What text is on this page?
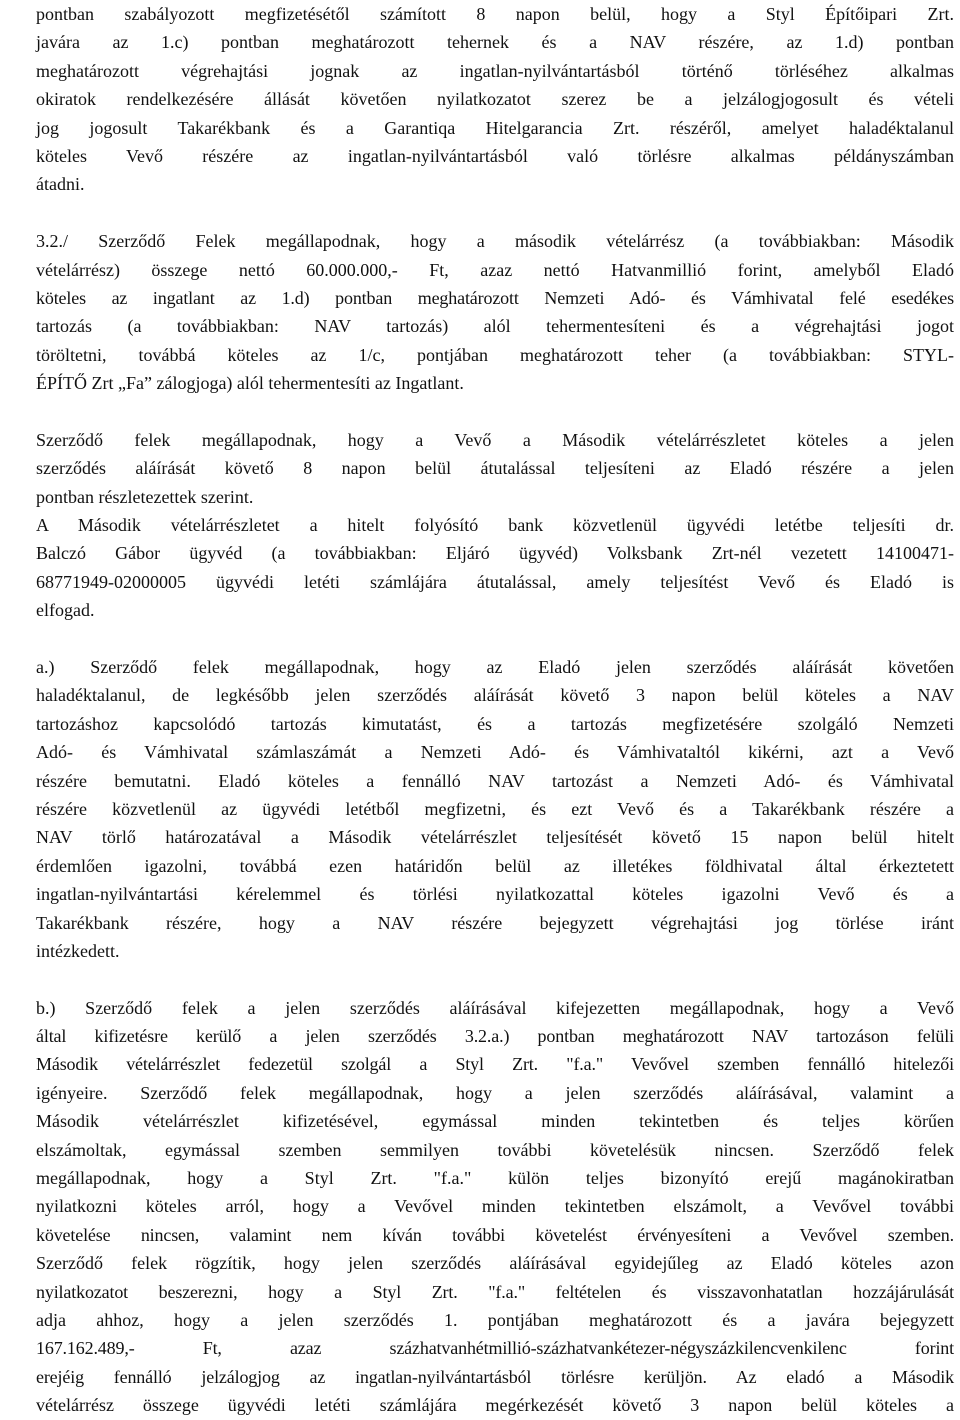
pontban szabályozott megfizetésétől számított 8 napon belül, hogy a Styl Építőipari Zrt.
javára az 1.c) pontban meghatározott tehernek és a NAV részére, az 1.d) pontban
meghatározott végrehajtási jognak az ingatlan-nyilvántartásból történő törléséhez alkalmas
okiratok rendelkezésére állását követően nyilatkozatot szerez be a jelzálogjogosult és vételi
jog jogosult Takarékbank és a Garantiqa Hitelgarancia Zrt. részéről, amelyet haladéktalanul
köteles Vevő részére az ingatlan-nyilvántartásból való törlésre alkalmas példányszámban
átadni.
3.2./ Szerződő Felek megállapodnak, hogy a második vételárrész (a továbbiakban: Második
vételárrész) összege nettó 60.000.000,- Ft, azaz nettó Hatvanmillió forint, amelyből Eladó
köteles az ingatlant az 1.d) pontban meghatározott Nemzeti Adó- és Vámhivatal felé esedékes
tartozás (a továbbiakban: NAV tartozás) alól tehermentesíteni és a végrehajtási jogot
töröltetni, továbbá köteles az 1/c, pontjában meghatározott teher (a továbbiakban: STYL-
ÉPÍTŐ Zrt „Fa” zálogjoga) alól tehermentesíti az Ingatlant.
Szerződő felek megállapodnak, hogy a Vevő a Második vételárrészletet köteles a jelen
szerződés aláírását követő 8 napon belül átutalással teljesíteni az Eladó részére a jelen
pontban részletezettek szerint.
A Második vételárrészletet a hitelt folyósító bank közvetlenül ügyvédi letétbe teljesíti dr.
Balczó Gábor ügyvéd (a továbbiakban: Eljáró ügyvéd) Volksbank Zrt-nél vezetett 14100471-
68771949-02000005 ügyvédi letéti számlájára átutalással, amely teljesítést Vevő és Eladó is
elfogad.
a.) Szerződő felek megállapodnak, hogy az Eladó jelen szerződés aláírását követően
haladéktalanul, de legkésőbb jelen szerződés aláírását követő 3 napon belül köteles a NAV
tartozáshoz kapcsolódó tartozás kimutatást, és a tartozás megfizetésére szolgáló Nemzeti
Adó- és Vámhivatal számlaszámát a Nemzeti Adó- és Vámhivataltól kikérni, azt a Vevő
részére bemutatni. Eladó köteles a fennálló NAV tartozást a Nemzeti Adó- és Vámhivatal
részére közvetlenül az ügyvédi letétből megfizetni, és ezt Vevő és a Takarékbank részére a
NAV törlő határozatával a Második vételárrészlet teljesítését követő 15 napon belül hitelt
érdemlően igazolni, továbbá ezen határidőn belül az illetékes földhivatal által érkeztetett
ingatlan-nyilvántartási kérelemmel és törlési nyilatkozattal köteles igazolni Vevő és a
Takarékbank részére, hogy a NAV részére bejegyzett végrehajtási jog törlése iránt
intézkedett.
b.) Szerződő felek a jelen szerződés aláírásával kifejezetten megállapodnak, hogy a Vevő
által kifizetésre kerülő a jelen szerződés 3.2.a.) pontban meghatározott NAV tartozáson felüli
Második vételárrészlet fedezetül szolgál a Styl Zrt. "f.a." Vevővel szemben fennálló hitelezői
igényeire. Szerződő felek megállapodnak, hogy a jelen szerződés aláírásával, valamint a
Második vételárrészlet kifizetésével, egymással minden tekintetben és teljes körűen
elszámoltak, egymással szemben semmilyen további követelésük nincsen. Szerződő felek
megállapodnak, hogy a Styl Zrt. "f.a." külön teljes bizonyító erejű magánokiratban
nyilatkozni köteles arról, hogy a Vevővel minden tekintetben elszámolt, a Vevővel további
követelése nincsen, valamint nem kíván további követelést érvényesíteni a Vevővel szemben.
Szerződő felek rögzítik, hogy jelen szerződés aláírásával egyidejűleg az Eladó köteles azon
nyilatkozatot beszerezni, hogy a Styl Zrt. "f.a." feltételen és visszavonhatatlan hozzájárulását
adja ahhoz, hogy a jelen szerződés 1. pontjában meghatározott és a javára bejegyzett
167.162.489,- Ft, azaz százhatvanhétmillió-százhatvankétezer-négyszázkilencvenkilenc forint
erejéig fennálló jelzálogjog az ingatlan-nyilvántartásból törlésre kerüljön. Az eladó a Második
vételárrész összege ügyvédi letéti számlájára megérkezését követő 3 napon belül köteles a
